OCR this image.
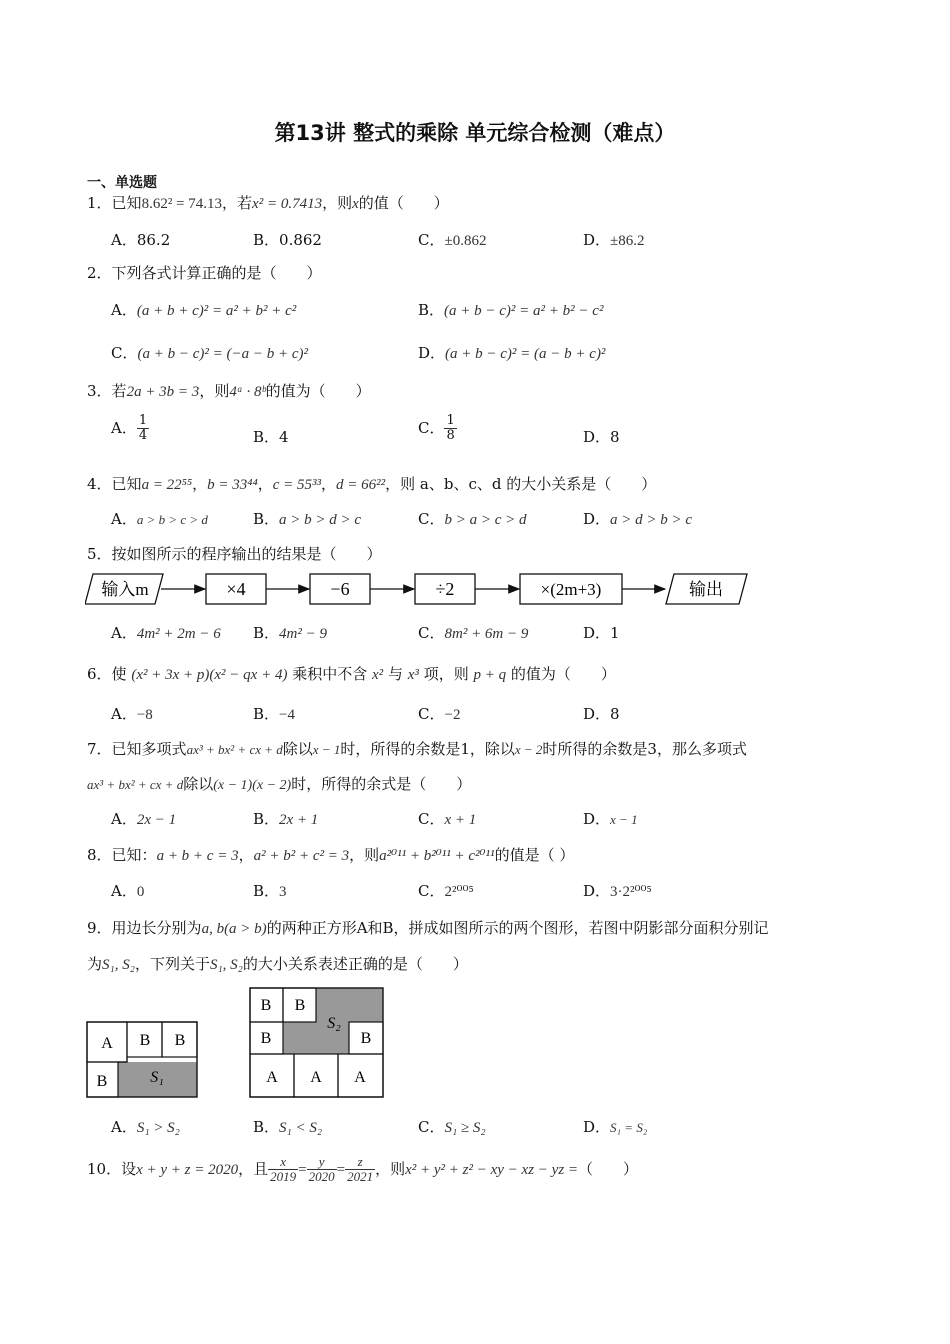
第13讲 整式的乘除 单元综合检测（难点）
一、单选题
1．已知8.62² = 74.13，若x² = 0.7413，则x的值（　　）
A．86.2	B．0.862	C．±0.862	D．±86.2
2．下列各式计算正确的是（　　）
A．(a + b + c)² = a² + b² + c²	B．(a + b − c)² = a² + b² − c²
C．(a + b − c)² = (−a − b + c)²	D．(a + b − c)² = (a − b + c)²
3．若2a + 3b = 3，则4ᵃ · 8ᵇ的值为（　　）
A． $\frac{1}{4}$	B．4
C． $\frac{1}{8}$	D．8
4．已知a = 22⁵⁵，b = 33⁴⁴，c = 55³³，d = 66²²，则 a、b、c、d 的大小关系是（　　）
A．a > b > c > d	B．a > b > d > c	C．b > a > c > d	D．a > d > b > c
5．按如图所示的程序输出的结果是（　　）
输入m	×4	−6	÷2	×(2m+3)	输出
A．4m² + 2m − 6 B．4m² − 9	C．8m² + 6m − 9	D．1
6．使 (x² + 3x + p)(x² − qx + 4) 乘积中不含 x² 与 x³ 项，则 p + q 的值为（　　）
A．−8	B．−4	C．−2	D．8
7．已知多项式ax³ + bx² + cx + d除以x − 1时，所得的余数是1，除以x − 2时所得的余数是3，那么多项式
ax³ + bx² + cx + d除以(x − 1)(x − 2)时，所得的余式是（　　）
A．2x − 1	B．2x + 1	C．x + 1	D．x − 1
8．已知：a + b + c = 3，a² + b² + c² = 3，则a²⁰¹¹ + b²⁰¹¹ + c²⁰¹¹的值是（ ）
A．0	B．3	C．2²⁰⁰⁵	D．3·2²⁰⁰⁵
9．用边长分别为a, b(a > b)的两种正方形A和B，拼成如图所示的两个图形，若图中阴影部分面积分别记
为S₁, S₂，下列关于S₁, S₂的大小关系表述正确的是（　　）
A B B
B	S₁
B B
S₂
B	B
A A A
A．S₁ > S₂	B．S₁ < S₂	C．S₁ ≥ S₂	D．S₁ = S₂
10．设x + y + z = 2020，且 $\frac{x}{2019} = \frac{y}{2020} = \frac{z}{2021}$ ，则x² + y² + z² − xy − xz − yz =（　　）
